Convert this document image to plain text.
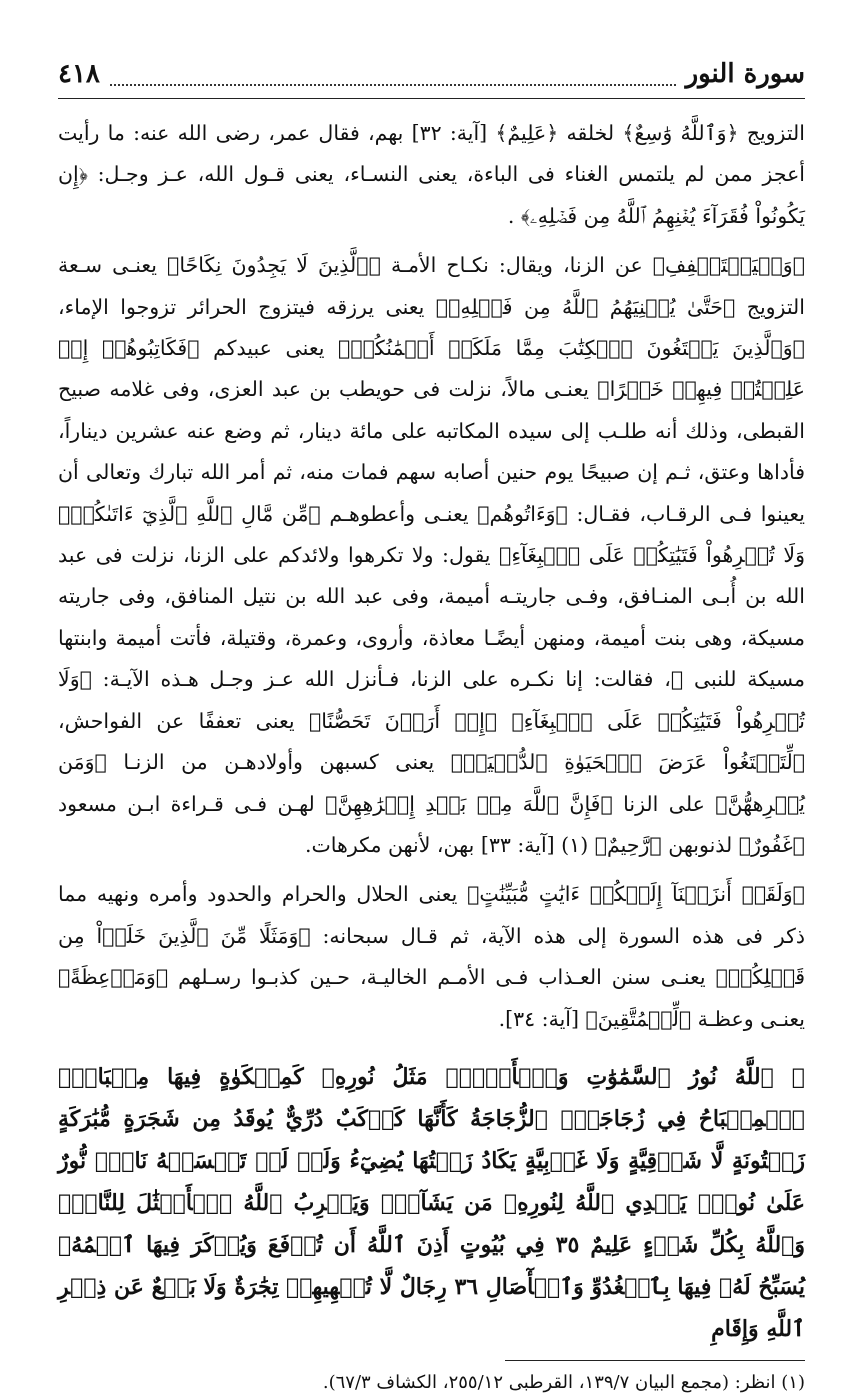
سورة النور
٤١٨

التزويج ﴿وَٱللَّهُ وَٰسِعٌ﴾ لخلقه ﴿عَلِيمٌ﴾ [آية: ٣٢] بهم، فقال عمر، رضى الله عنه: ما رأيت أعجز ممن لم يلتمس الغناء فى الباءة، يعنى النسـاء، يعنى قـول الله، عـز وجـل: ﴿إِن يَكُونُواْ فُقَرَآءَ يُغۡنِهِمُ ٱللَّهُ مِن فَضۡلِهِۦ﴾ .

﴿وَلۡيَسۡتَعۡفِفِ﴾ عن الزنا، ويقال: نكـاح الأمـة ﴿ٱلَّذِينَ لَا يَجِدُونَ نِكَاحًا﴾ يعنـى سـعة التزويج ﴿حَتَّىٰ يُغۡنِيَهُمُ ٱللَّهُ مِن فَضۡلِهِۦ﴾ يعنى يرزقه فيتزوج الحرائر تزوجوا الإماء، ﴿وَٱلَّذِينَ يَبۡتَغُونَ ٱلۡكِتَٰبَ مِمَّا مَلَكَتۡ أَيۡمَٰنُكُمۡ﴾ يعنى عبيدكم ﴿فَكَاتِبُوهُمۡ إِنۡ عَلِمۡتُمۡ فِيهِمۡ خَيۡرًا﴾ يعنـى مالاً، نزلت فى حويطب بن عبد العزى، وفى غلامه صبيح القبطى، وذلك أنه طلـب إلى سيده المكاتبه على مائة دينار، ثم وضع عنه عشرين ديناراً، فأداها وعتق، ثـم إن صبيحًا يوم حنين أصابه سهم فمات منه، ثم أمر الله تبارك وتعالى أن يعينوا فـى الرقـاب، فقـال: ﴿وَءَاتُوهُم﴾ يعنـى وأعطوهـم ﴿مِّن مَّالِ ٱللَّهِ ٱلَّذِيٓ ءَاتَىٰكُمۡۚ وَلَا تُكۡرِهُواْ فَتَيَٰتِكُمۡ عَلَى ٱلۡبِغَآءِ﴾ يقول: ولا تكرهوا ولائدكم على الزنا، نزلت فى عبد الله بن أُبـى المنـافق، وفـى جاريتـه أميمة، وفى عبد الله بن نتيل المنافق، وفى جاريته مسيكة، وهى بنت أميمة، ومنهن أيضًـا معاذة، وأروى، وعمرة، وقتيلة، فأتت أميمة وابنتها مسيكة للنبى ﷺ، فقالت: إنا نكـره على الزنا، فـأنزل الله عـز وجـل هـذه الآيـة: ﴿وَلَا تُكۡرِهُواْ فَتَيَٰتِكُمۡ عَلَى ٱلۡبِغَآءِ﴾ ﴿إِنۡ أَرَدۡنَ تَحَصُّنًا﴾ يعنى تعففًا عن الفواحش، ﴿لِّتَبۡتَغُواْ عَرَضَ ٱلۡحَيَوٰةِ ٱلدُّنۡيَاۚ﴾ يعنى كسبهن وأولادهـن من الزنـا ﴿وَمَن يُكۡرِههُّنَّ﴾ على الزنا ﴿فَإِنَّ ٱللَّهَ مِنۢ بَعۡدِ إِكۡرَٰهِهِنَّ﴾ لهـن فـى قـراءة ابـن مسعود ﴿غَفُورٌ﴾ لذنوبهن ﴿رَّحِيمٌ﴾ (١) [آية: ٣٣] بهن، لأنهن مكرهات.

﴿وَلَقَدۡ أَنزَلۡنَآ إِلَيۡكُمۡ ءَايَٰتٍ مُّبَيِّنَٰتٍ﴾ يعنى الحلال والحرام والحدود وأمره ونهيه مما ذكر فى هذه السورة إلى هذه الآية، ثم قـال سبحانه: ﴿وَمَثَلًا مِّنَ ٱلَّذِينَ خَلَوۡاْ مِن قَبۡلِكُمۡ﴾ يعنـى سنن العـذاب فـى الأمـم الخاليـة، حـين كذبـوا رسـلهم ﴿وَمَوۡعِظَةً﴾ يعنـى وعظـة ﴿لِّلۡمُتَّقِينَ﴾ [آية: ٣٤].

﴿ ٱللَّهُ نُورُ ٱلسَّمَٰوَٰتِ وَٱلۡأَرۡضِۚ مَثَلُ نُورِهِۦ كَمِشۡكَوٰةٍ فِيهَا مِصۡبَاحٌۖ ٱلۡمِصۡبَاحُ فِي زُجَاجَةٍۖ ٱلزُّجَاجَةُ كَأَنَّهَا كَوۡكَبٌ دُرِّيٌّ يُوقَدُ مِن شَجَرَةٍ مُّبَٰرَكَةٍ زَيۡتُونَةٍ لَّا شَرۡقِيَّةٍ وَلَا غَرۡبِيَّةٍ يَكَادُ زَيۡتُهَا يُضِيٓءُ وَلَوۡ لَمۡ تَمۡسَسۡهُ نَارٌۚ نُّورٌ عَلَىٰ نُورٍۚ يَهۡدِي ٱللَّهُ لِنُورِهِۦ مَن يَشَآءُۚ وَيَضۡرِبُ ٱللَّهُ ٱلۡأَمۡثَٰلَ لِلنَّاسِۗ وَٱللَّهُ بِكُلِّ شَيۡءٍ عَلِيمٌ ٣٥ فِي بُيُوتٍ أَذِنَ ٱللَّهُ أَن تُرۡفَعَ وَيُذۡكَرَ فِيهَا ٱسۡمُهُۥ يُسَبِّحُ لَهُۥ فِيهَا بِٱلۡغُدُوِّ وَٱلۡأٓصَالِ ٣٦ رِجَالٌ لَّا تُلۡهِيهِمۡ تِجَٰرَةٌ وَلَا بَيۡعٌ عَن ذِكۡرِ ٱللَّهِ وَإِقَامِ

(١) انظر: (مجمع البيان ١٣٩/٧، القرطبى ٢٥٥/١٢، الكشاف ٦٧/٣).
